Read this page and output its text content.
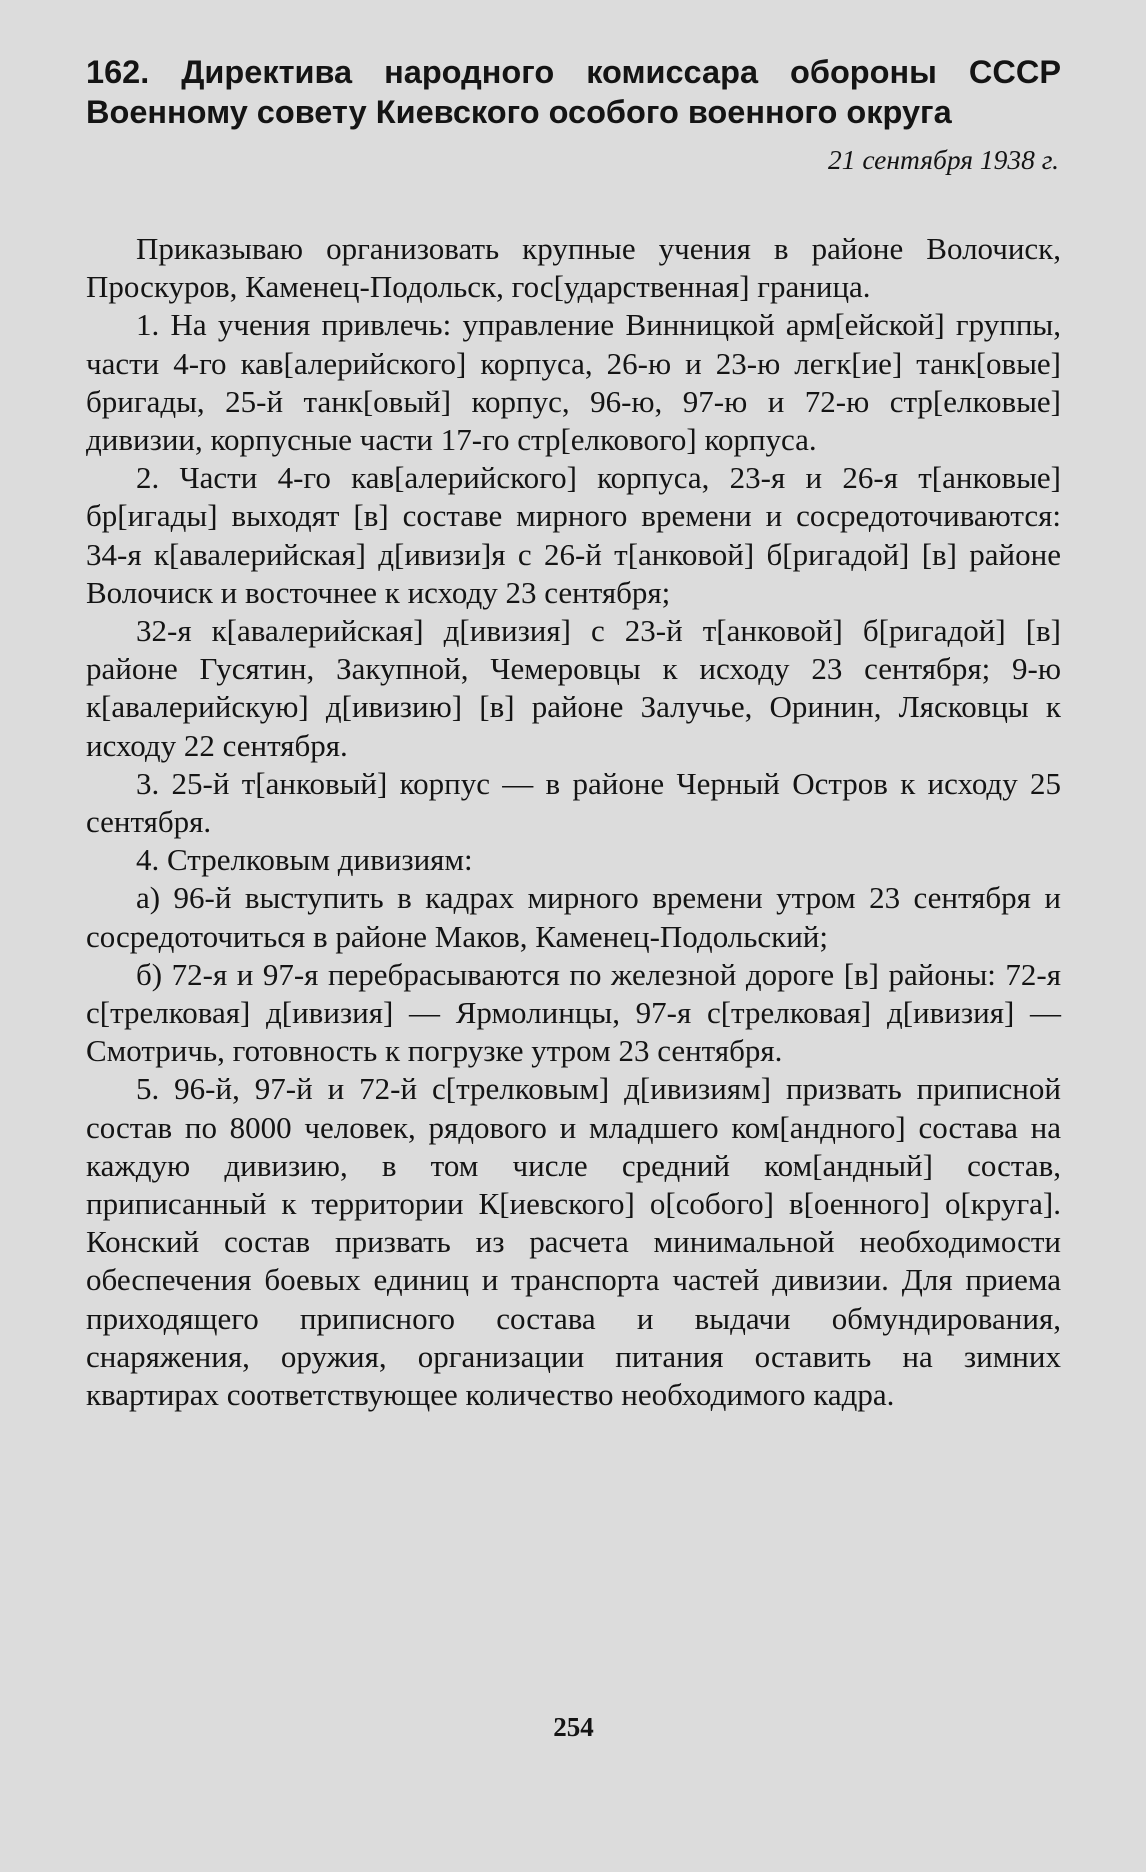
162. Директива народного комиссара обороны СССР Военному совету Киевского особого военного округа
21 сентября 1938 г.

Приказываю организовать крупные учения в районе Волочиск, Проскуров, Каменец-Подольск, гос[ударственная] граница.

1. На учения привлечь: управление Винницкой арм[ейской] группы, части 4-го кав[алерийского] корпуса, 26-ю и 23-ю легк[ие] танк[овые] бригады, 25-й танк[овый] корпус, 96-ю, 97-ю и 72-ю стр[елковые] дивизии, корпусные части 17-го стр[елкового] корпуса.

2. Части 4-го кав[алерийского] корпуса, 23-я и 26-я т[анковые] бр[игады] выходят [в] составе мирного времени и сосредоточиваются: 34-я к[авалерийская] д[ивизи]я с 26-й т[анковой] б[ригадой] [в] районе Волочиск и восточнее к исходу 23 сентября;

32-я к[авалерийская] д[ивизия] с 23-й т[анковой] б[ригадой] [в] районе Гусятин, Закупной, Чемеровцы к исходу 23 сентября; 9-ю к[авалерийскую] д[ивизию] [в] районе Залучье, Оринин, Лясковцы к исходу 22 сентября.

3. 25-й т[анковый] корпус — в районе Черный Остров к исходу 25 сентября.

4. Стрелковым дивизиям:

а) 96-й выступить в кадрах мирного времени утром 23 сентября и сосредоточиться в районе Маков, Каменец-Подольский;

б) 72-я и 97-я перебрасываются по железной дороге [в] районы: 72-я с[трелковая] д[ивизия] — Ярмолинцы, 97-я с[трелковая] д[ивизия] — Смотричь, готовность к погрузке утром 23 сентября.

5. 96-й, 97-й и 72-й с[трелковым] д[ивизиям] призвать приписной состав по 8000 человек, рядового и младшего ком[андного] состава на каждую дивизию, в том числе средний ком[андный] состав, приписанный к территории К[иевского] о[собого] в[оенного] о[круга]. Конский состав призвать из расчета минимальной необходимости обеспечения боевых единиц и транспорта частей дивизии. Для приема приходящего приписного состава и выдачи обмундирования, снаряжения, оружия, организации питания оставить на зимних квартирах соответствующее количество необходимого кадра.

254
